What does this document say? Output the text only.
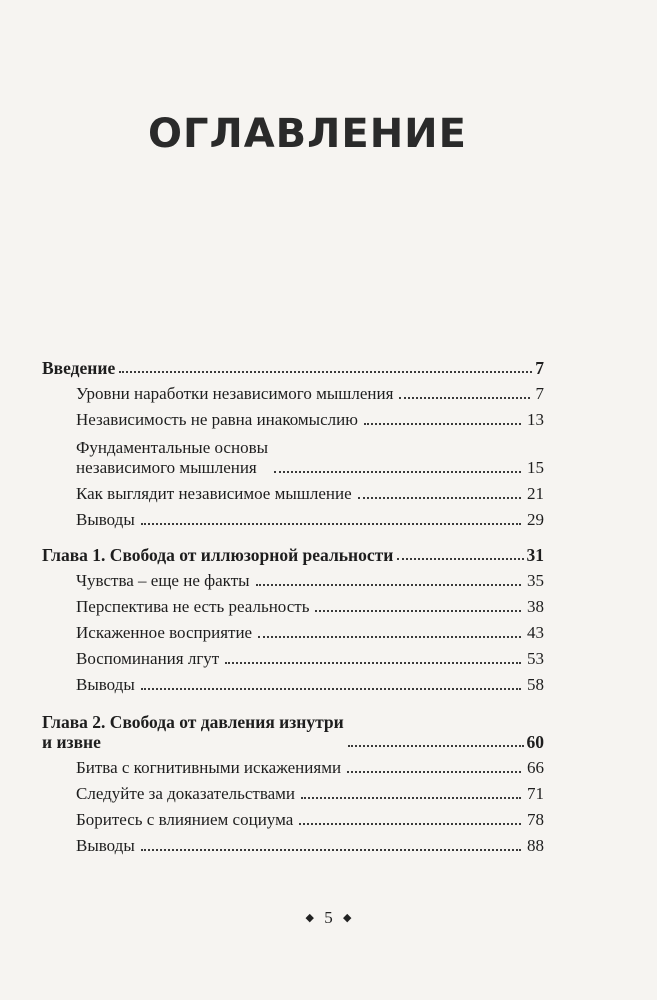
ОГЛАВЛЕНИЕ
Введение	7
Уровни наработки независимого мышления	7
Независимость не равна инакомыслию	13
Фундаментальные основы
независимого мышления	15
Как выглядит независимое мышление	21
Выводы	29
Глава 1. Свобода от иллюзорной реальности	31
Чувства – еще не факты	35
Перспектива не есть реальность	38
Искаженное восприятие	43
Воспоминания лгут	53
Выводы	58
Глава 2. Свобода от давления изнутри
и извне	60
Битва с когнитивными искажениями	66
Следуйте за доказательствами	71
Боритесь с влиянием социума	78
Выводы	88
◆ 5 ◆
